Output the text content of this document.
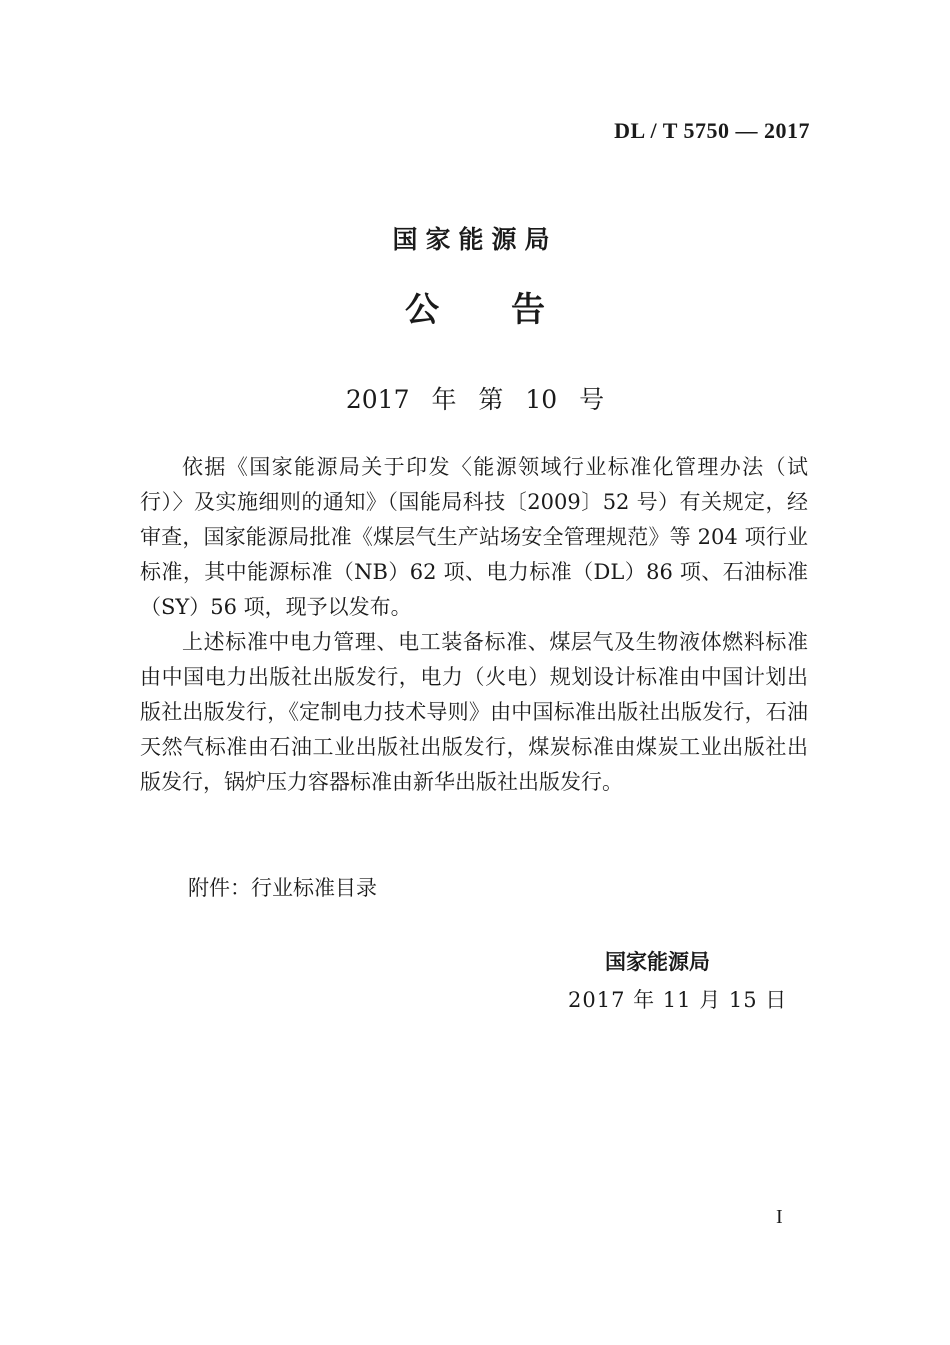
DL / T 5750 — 2017
国家能源局
公告
2017 年 第 10 号

依据《国家能源局关于印发〈能源领域行业标准化管理办法（试行）〉及实施细则的通知》（国能局科技〔2009〕52 号）有关规定，经审查，国家能源局批准《煤层气生产站场安全管理规范》等 204 项行业标准，其中能源标准（NB）62 项、电力标准（DL）86 项、石油标准（SY）56 项，现予以发布。

上述标准中电力管理、电工装备标准、煤层气及生物液体燃料标准由中国电力出版社出版发行，电力（火电）规划设计标准由中国计划出版社出版发行，《定制电力技术导则》由中国标准出版社出版发行，石油天然气标准由石油工业出版社出版发行，煤炭标准由煤炭工业出版社出版发行，锅炉压力容器标准由新华出版社出版发行。

附件：行业标准目录
国家能源局
2017 年 11 月 15 日
I
